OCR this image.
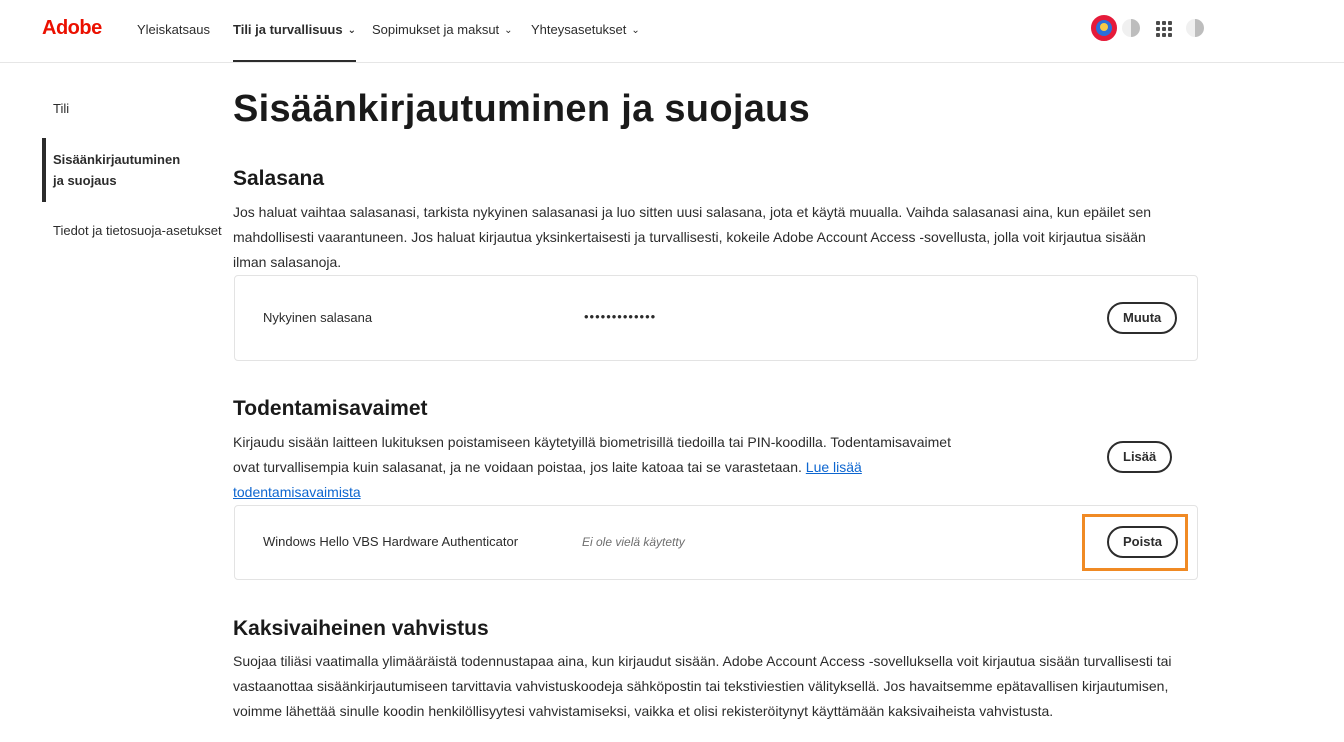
Adobe	Yleiskatsaus Tili ja turvallisuus ⌄ Sopimukset ja maksut ⌄ Yhteysasetukset ⌄
Tili
Sisäänkirjautuminen ja suojaus
Tiedot ja tietosuoja-asetukset
Sisäänkirjautuminen ja suojaus
Salasana

Jos haluat vaihtaa salasanasi, tarkista nykyinen salasanasi ja luo sitten uusi salasana, jota et käytä muualla. Vaihda salasanasi aina, kun epäilet sen mahdollisesti vaarantuneen. Jos haluat kirjautua yksinkertaisesti ja turvallisesti, kokeile Adobe Account Access -sovellusta, jolla voit kirjautua sisään ilman salasanoja.

Nykyinen salasana	•••••••••••••	Muuta
Todentamisavaimet

Kirjaudu sisään laitteen lukituksen poistamiseen käytetyillä biometrisillä tiedoilla tai PIN-koodilla. Todentamisavaimet ovat turvallisempia kuin salasanat, ja ne voidaan poistaa, jos laite katoaa tai se varastetaan. Lue lisää todentamisavaimista

Lisää
Windows Hello VBS Hardware Authenticator	Ei ole vielä käytetty	Poista
Kaksivaiheinen vahvistus

Suojaa tiliäsi vaatimalla ylimääräistä todennustapaa aina, kun kirjaudut sisään. Adobe Account Access -sovelluksella voit kirjautua sisään turvallisesti tai vastaanottaa sisäänkirjautumiseen tarvittavia vahvistuskoodeja sähköpostin tai tekstiviestien välityksellä. Jos havaitsemme epätavallisen kirjautumisen, voimme lähettää sinulle koodin henkilöllisyytesi vahvistamiseksi, vaikka et olisi rekisteröitynyt käyttämään kaksivaiheista vahvistusta.
